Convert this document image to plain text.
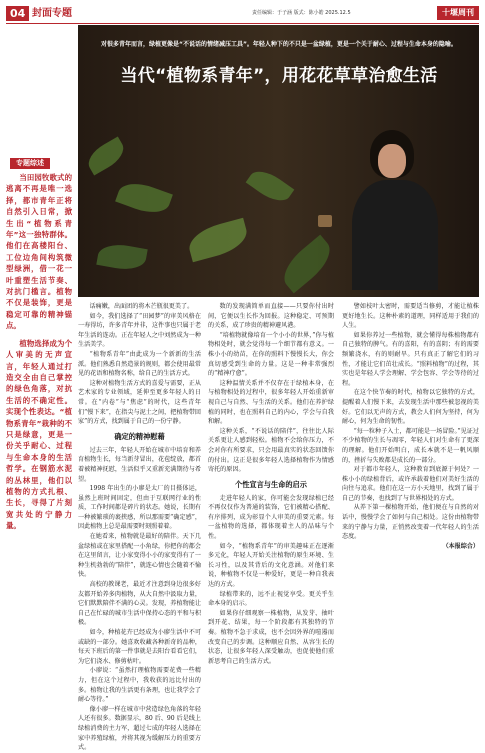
04 封面专题	责任编辑：于子涵 版式：陈小皓 2025.12.5	十堰周刊
对很多青年而言，绿植更像是“不说话的情绪减压工具”。年轻人种下的不只是一盆绿植，更是一个关于耐心、过程与生命本身的隐喻。
当代“植物系青年”，用花花草草治愈生活
专题综述

当田园牧歌式的逃离不再是唯一选择，都市青年正将自然引入日常，掀生出“植物系青年”这一独特群体。他们在高楼阳台、工位边角间构筑微型绿洲，借一花一叶重塑生活节奏、对抗门槛言。植物不仅是装饰，更是稳定可靠的精神锚点。

植物选择成为个人审美的无声宣言，年轻人通过打造交全由自己掌控的绿色角落，对抗生活的不确定性。实现个性表达。“植物系青年”栽种的不只是绿意，更是一份关乎耐心、过程与生命本身的生活哲学。在钢筋水泥的丛林里，他们以植物的方式扎根、生长，寻得了片刻宽共处的宁静力量。

话痛嫩，出面团的将木芒瓶很更美了。

如今，我们选择了“田园梦”的审美风格在一寿得坊，许多青年并非，这件事也只属于老年生活的连动。正在年轻人之中刘然成为一种生活美学。

“植物系青年”由此成为一个新新的生活派。他们熟悉自然造景的规则，都会使用最常见的花语和植物名称，给自己的生活方式。

这种对植物生活方式的喜爱与需要，正从艺术家的专业领域，延伸至更多年轻人的日常。在“内卷”与“焦虑”的时代，这些青年们“慢下来”，在指尖与泥土之间，把植物带回家”的方式，找到属于自己的一份宁静。

确定的精神慰藉

过去三年，年轻人开始在城市中培育和养育植物生长，每当新芽冒出，花苞绽放，都首着被精神抚慰，生活似乎又重新充满期待与希望。

1998 年出生的小廖是太厂的目摄体运，虽然上班时间固定，但由于互联网行业的性质，工作时间都是碎片的状态。她说，长期有一种被繁琐的裹挟感，所以那需要“确定感”，因此植物上总是最需要时刻照着着。

在她看来，植物就是最好的陪伴。天下几盆绿植或在家里搭配一小角绿，你把你的都会在这里留言，让小家变得小小的家变得有了一种生机勃勃的“陪伴”，就连心情也会随着不愉快。

高校的教课老，最近才注意到身边很多好友都开始养多肉植物，从大自然中汲取力量，它们默默陪伴不满的心灵。发现，养植物能让自己在忙碌的城市生活中保持心态的平和与积极。

如今，种植花卉已经成为小廖生活中不可或缺的一部分。她喜欢收藏各种新奇的品种，每天下班后的第一件事就是去阳台看看它们，为它们浇水、修剪枯叶。

小廖说：“虽然打理植物需要花费一些精力，但在这个过程中，我收获的远比付出的多。植物让我的生活更有条理，也让我学会了耐心等待。”

像小廖一样在城市中营造绿色角落的年轻人还有很多。数据显示，80 后、90 后是线上绿植消费的主力军，超过七成的年轻人选择在家中养殖绿植，并将其视为缓解压力的重要方式。

数的发现满简单而直接——只要你付出时间，它便以生长作为回报。这种稳定、可预期的关系，成了珍贵的精神避风港。

“培植物就像培育一个小小的世界，”你与植物相处时，就会觉得每一个细节都有意义。一株小小的幼苗，在你的照料下慢慢长大，你会真切感受到生命的力量。这是一种非常强烈的“精神疗愈”。

这种温情关系并不仅存在于绿植本身，在与植物相处的过程中，很多年轻人开始重新审视自己与自然、与生活的关系。他们在养护绿植的同时，也在照料自己的内心，学会与自我和解。

这种关系，“不说话的陪伴”，往往比人际关系更让人感到轻松。植物不会给你压力，不会对你有所要求，只会用最真实的状态回馈你的付出。这正是很多年轻人选择植物作为情感寄托的原因。

个性宣言与生命的启示

走进年轻人的家，你可能会发现绿植已经不再仅仅作为普通的装饰，它们被精心搭配、有序排列，成为彰显个人审美的重要元素。每一盆植物的选择，都体现着主人的品味与个性。

如今，“植物系青年”的审美趣味正在逐渐多元化，年轻人开始关注植物的原生环境、生长习性，以及其背后的文化意涵。对他们来说，种植物不仅是一种爱好，更是一种自我表达的方式。

绿植带来的，远不止视觉享受。更关乎生命本身的启示。

如果你仔细观察一株植物，从发芽、抽叶到开花、结果，每一个阶段都有其独特的节奏。植物不急于求成，也不会因外界的喧嚣而改变自己的步调。这种顺应自然、从容生长的状态，让很多年轻人深受触动，也促使他们重新思考自己的生活方式。

譬如枝叶太密时，需要适当修剪，才能让植株更好地生长。这种朴素的道理，同样适用于我们的人生。

如果你养过一些植物，就会懂得每株植物都有自己独特的脾气。有的喜阳，有的喜阴；有的需要频繁浇水，有的则耐旱。只有真正了解它们的习性，才能让它们茁壮成长。“照料植物”的过程，其实也是年轻人学会理解、学会包容、学会等待的过程。

在这个快节奏的时代，植物以它独特的方式，提醒着人们慢下来，去发现生活中那些被忽视的美好。它们以无声的方式，教会人们何为坚持，何为耐心，何为生命的韧性。

“每一粒种子入土，都可能是一场冒险。”见证过不少植物的生长与凋零，年轻人们对生命有了更深的理解。他们开始明白，成长本就不是一帆风顺的，挫折与失败都是成长的一部分。

对于都市年轻人，这种教育到底源于何处？一株小小的绿植背后，或许承载着他们对美好生活的向往与追求。他们在这一方小天地里，找到了属于自己的节奏，也找到了与世界相处的方式。

从养下第一棵植物开始，他们便在与自然的对话中，慢慢学会了如何与自己相处。这份由植物带来的宁静与力量，正悄然改变着一代年轻人的生活态度。

（本报综合）
